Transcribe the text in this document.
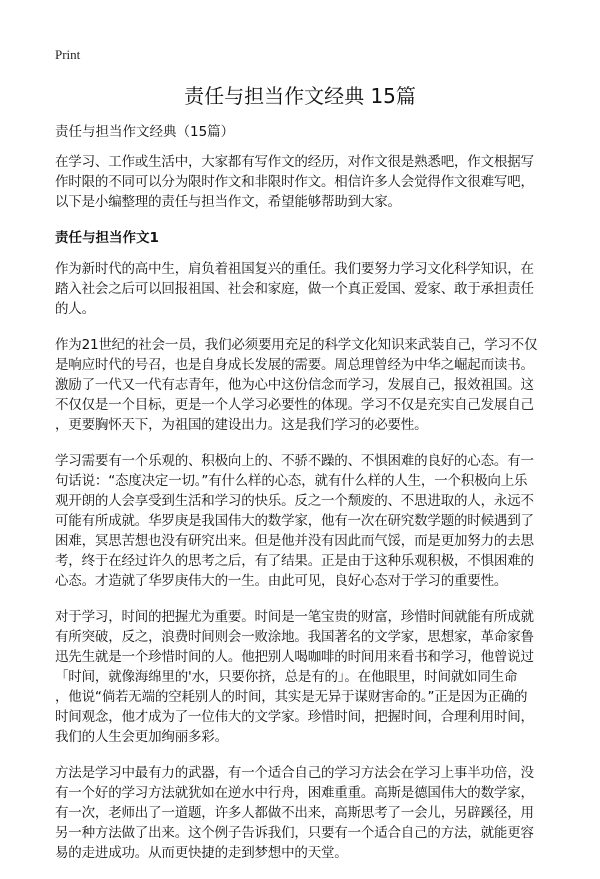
Print
责任与担当作文经典 15篇
责任与担当作文经典（15篇）
在学习、工作或生活中，大家都有写作文的经历，对作文很是熟悉吧，作文根据写
作时限的不同可以分为限时作文和非限时作文。相信许多人会觉得作文很难写吧，
以下是小编整理的责任与担当作文，希望能够帮助到大家。
责任与担当作文1
作为新时代的高中生，肩负着祖国复兴的重任。我们要努力学习文化科学知识，在
踏入社会之后可以回报祖国、社会和家庭，做一个真正爱国、爱家、敢于承担责任
的人。
作为21世纪的社会一员，我们必须要用充足的科学文化知识来武装自己，学习不仅
是响应时代的号召，也是自身成长发展的需要。周总理曾经为中华之崛起而读书。
激励了一代又一代有志青年，他为心中这份信念而学习，发展自己，报效祖国。这
不仅仅是一个目标，更是一个人学习必要性的体现。学习不仅是充实自己发展自己
，更要胸怀天下，为祖国的建设出力。这是我们学习的必要性。
学习需要有一个乐观的、积极向上的、不骄不躁的、不惧困难的良好的心态。有一
句话说：“态度决定一切。”有什么样的心态，就有什么样的人生，一个积极向上乐
观开朗的人会享受到生活和学习的快乐。反之一个颓废的、不思进取的人，永远不
可能有所成就。华罗庚是我国伟大的数学家，他有一次在研究数学题的时候遇到了
困难，冥思苦想也没有研究出来。但是他并没有因此而气馁，而是更加努力的去思
考，终于在经过许久的思考之后，有了结果。正是由于这种乐观积极，不惧困难的
心态。才造就了华罗庚伟大的一生。由此可见，良好心态对于学习的重要性。
对于学习，时间的把握尤为重要。时间是一笔宝贵的财富，珍惜时间就能有所成就
有所突破，反之，浪费时间则会一败涂地。我国著名的文学家，思想家，革命家鲁
迅先生就是一个珍惜时间的人。他把别人喝咖啡的时间用来看书和学习，他曾说过
「时间，就像海绵里的'水，只要你挤，总是有的」。在他眼里，时间就如同生命
，他说“倘若无端的空耗别人的时间，其实是无异于谋财害命的。”正是因为正确的
时间观念，他才成为了一位伟大的文学家。珍惜时间，把握时间，合理利用时间，
我们的人生会更加绚丽多彩。
方法是学习中最有力的武器，有一个适合自己的学习方法会在学习上事半功倍，没
有一个好的学习方法就犹如在逆水中行舟，困难重重。高斯是德国伟大的数学家，
有一次，老师出了一道题，许多人都做不出来，高斯思考了一会儿，另辟蹊径，用
另一种方法做了出来。这个例子告诉我们，只要有一个适合自己的方法，就能更容
易的走进成功。从而更快捷的走到梦想中的天堂。
